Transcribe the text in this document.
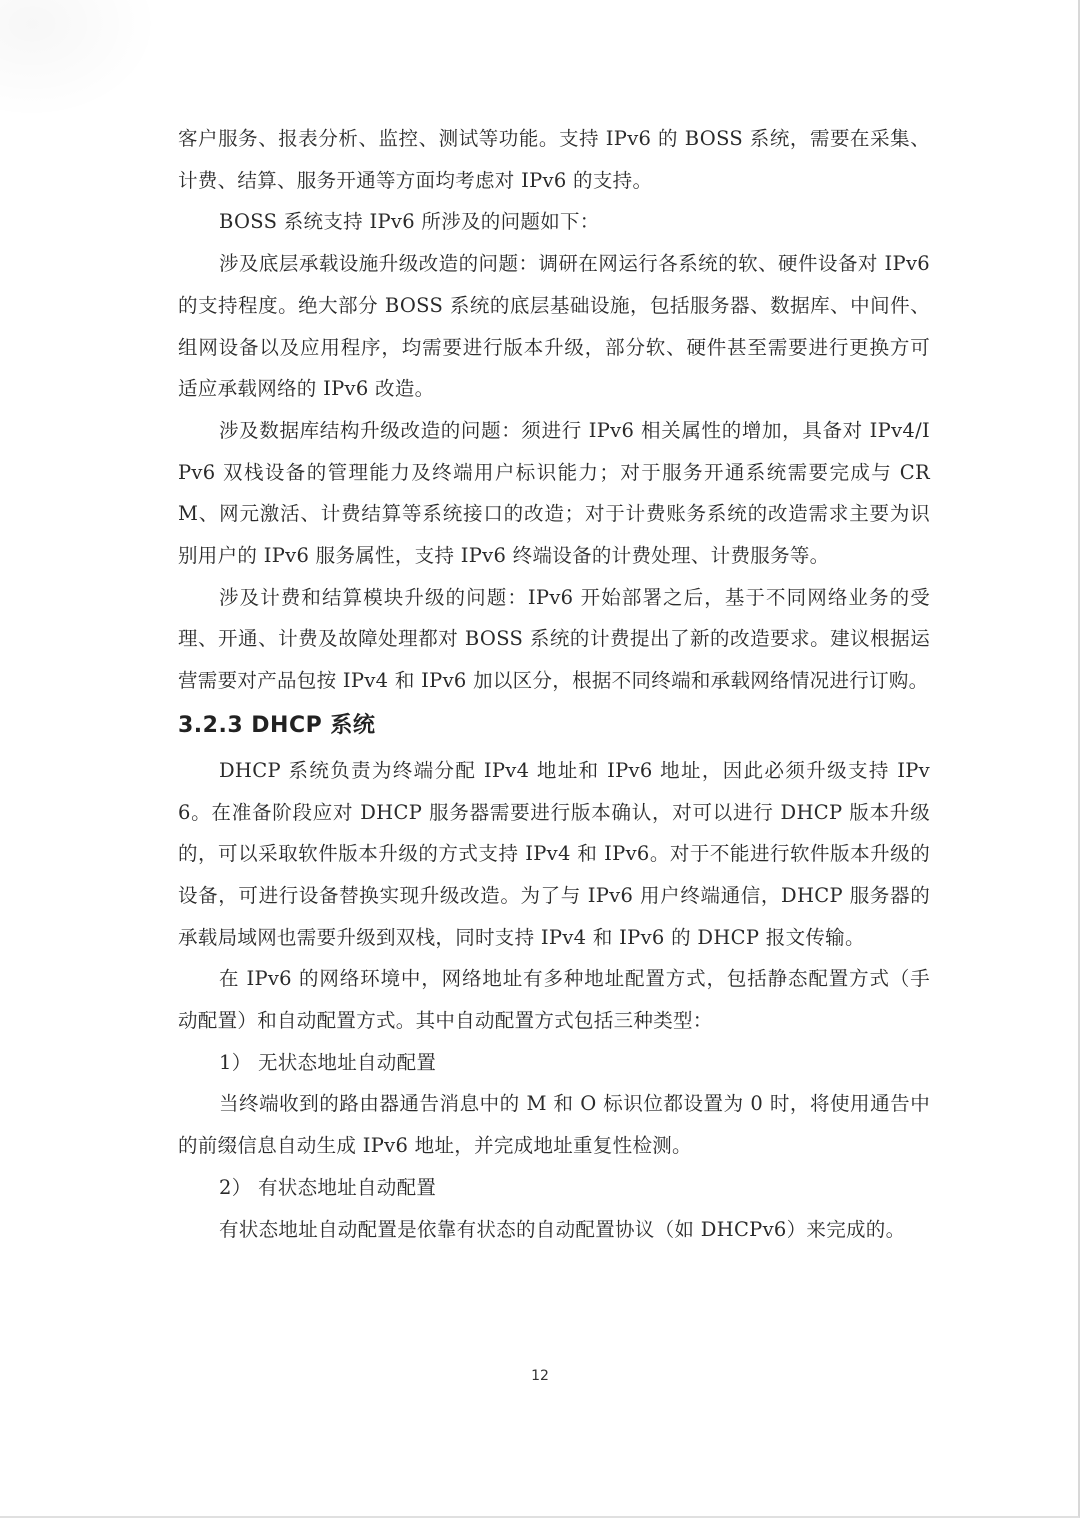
客户服务、报表分析、监控、测试等功能。支持 IPv6 的 BOSS 系统，需要在采集、计费、结算、服务开通等方面均考虑对 IPv6 的支持。

BOSS 系统支持 IPv6 所涉及的问题如下：

涉及底层承载设施升级改造的问题：调研在网运行各系统的软、硬件设备对 IPv6 的支持程度。绝大部分 BOSS 系统的底层基础设施，包括服务器、数据库、中间件、组网设备以及应用程序，均需要进行版本升级，部分软、硬件甚至需要进行更换方可适应承载网络的 IPv6 改造。

涉及数据库结构升级改造的问题：须进行 IPv6 相关属性的增加，具备对 IPv4/IPv6 双栈设备的管理能力及终端用户标识能力；对于服务开通系统需要完成与 CRM、网元激活、计费结算等系统接口的改造；对于计费账务系统的改造需求主要为识别用户的 IPv6 服务属性，支持 IPv6 终端设备的计费处理、计费服务等。

涉及计费和结算模块升级的问题：IPv6 开始部署之后，基于不同网络业务的受理、开通、计费及故障处理都对 BOSS 系统的计费提出了新的改造要求。建议根据运营需要对产品包按 IPv4 和 IPv6 加以区分，根据不同终端和承载网络情况进行订购。

3.2.3 DHCP 系统

DHCP 系统负责为终端分配 IPv4 地址和 IPv6 地址，因此必须升级支持 IPv6。在准备阶段应对 DHCP 服务器需要进行版本确认，对可以进行 DHCP 版本升级的，可以采取软件版本升级的方式支持 IPv4 和 IPv6。对于不能进行软件版本升级的设备，可进行设备替换实现升级改造。为了与 IPv6 用户终端通信，DHCP 服务器的承载局域网也需要升级到双栈，同时支持 IPv4 和 IPv6 的 DHCP 报文传输。

在 IPv6 的网络环境中，网络地址有多种地址配置方式，包括静态配置方式（手动配置）和自动配置方式。其中自动配置方式包括三种类型：

1） 无状态地址自动配置

当终端收到的路由器通告消息中的 M 和 O 标识位都设置为 0 时，将使用通告中的前缀信息自动生成 IPv6 地址，并完成地址重复性检测。

2） 有状态地址自动配置

有状态地址自动配置是依靠有状态的自动配置协议（如 DHCPv6）来完成的。

12
